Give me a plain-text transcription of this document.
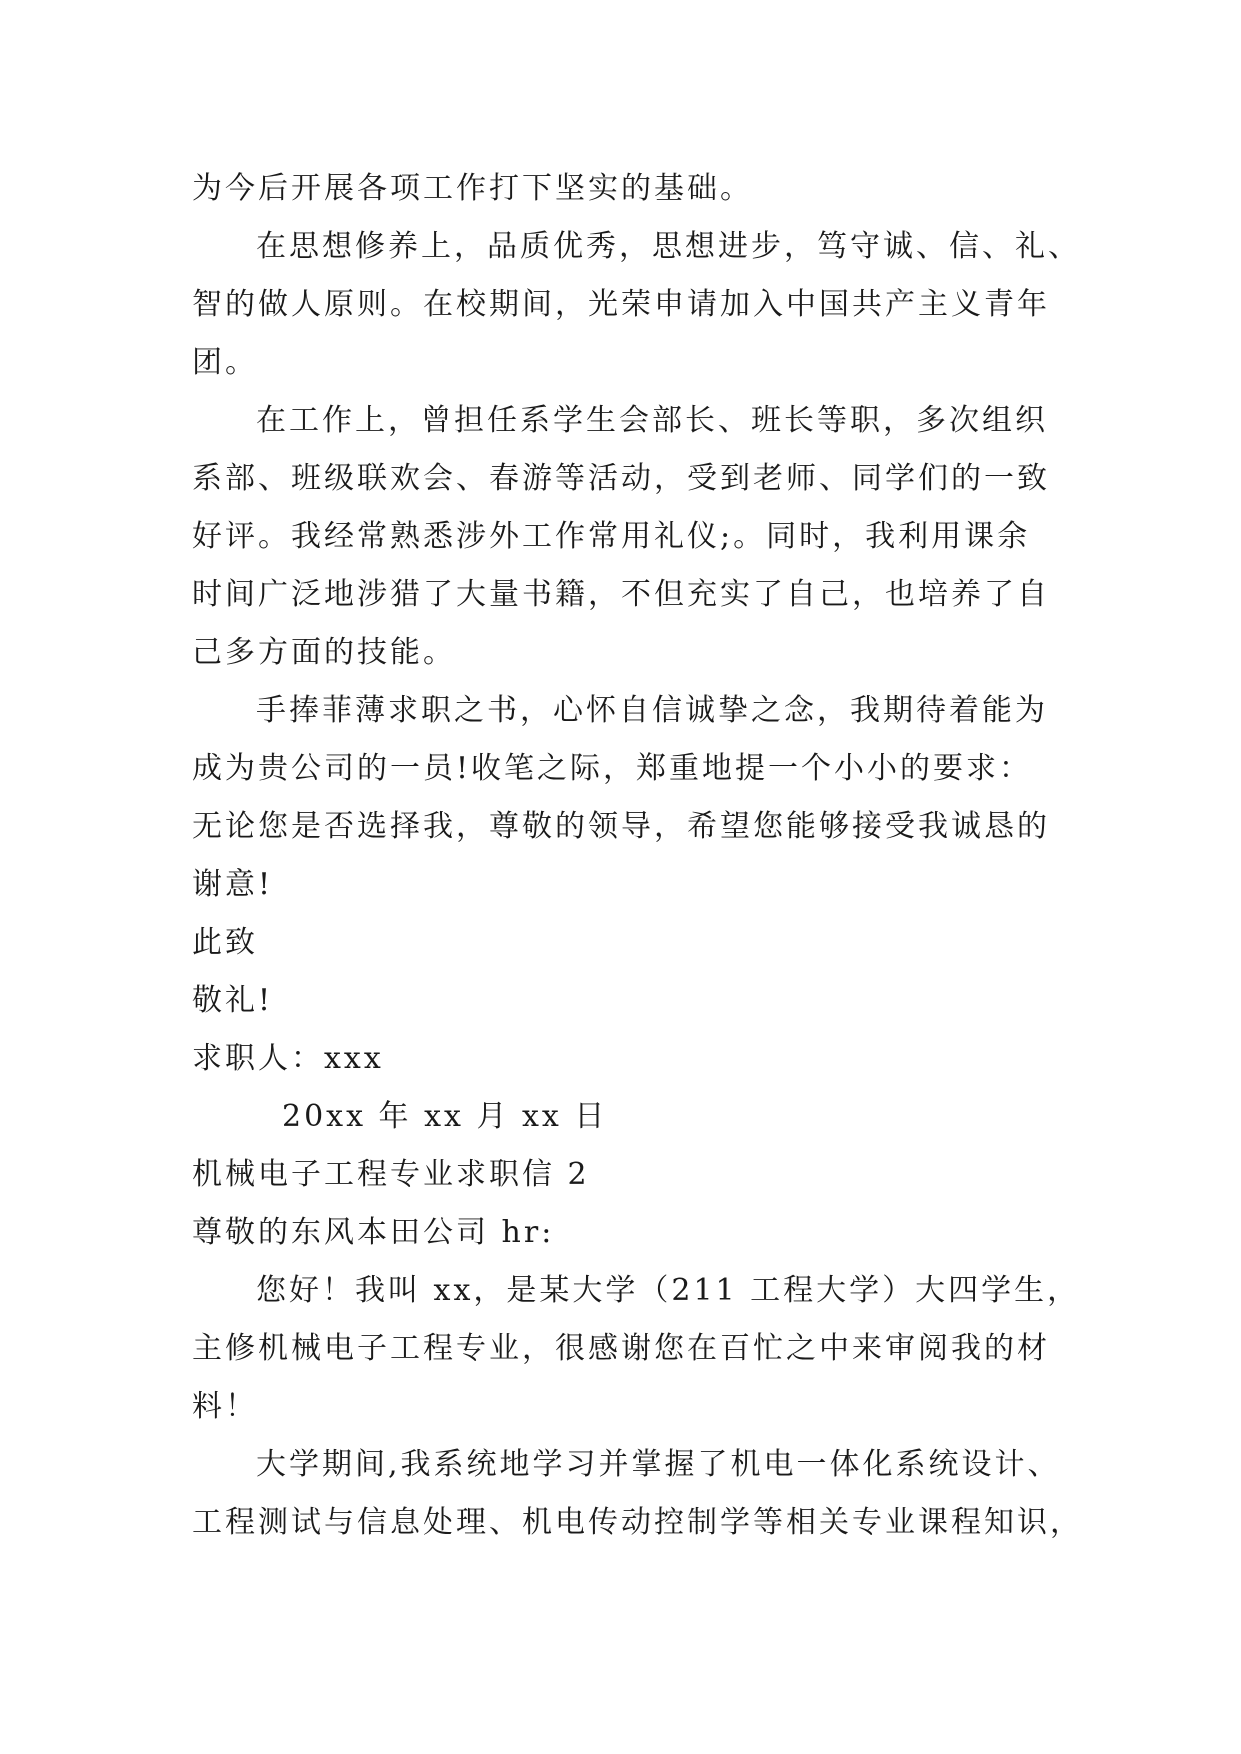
为今后开展各项工作打下坚实的基础。
在思想修养上，品质优秀，思想进步，笃守诚、信、礼、
智的做人原则。在校期间，光荣申请加入中国共产主义青年
团。
在工作上，曾担任系学生会部长、班长等职，多次组织
系部、班级联欢会、春游等活动，受到老师、同学们的一致
好评。我经常熟悉涉外工作常用礼仪;。同时，我利用课余
时间广泛地涉猎了大量书籍，不但充实了自己，也培养了自
己多方面的技能。
手捧菲薄求职之书，心怀自信诚挚之念，我期待着能为
成为贵公司的一员!收笔之际，郑重地提一个小小的要求：
无论您是否选择我，尊敬的领导，希望您能够接受我诚恳的
谢意!
此致
敬礼!
求职人：xxx
20xx 年 xx 月 xx 日
机械电子工程专业求职信 2
尊敬的东风本田公司 hr:
您好！我叫 xx，是某大学（211 工程大学）大四学生，
主修机械电子工程专业，很感谢您在百忙之中来审阅我的材
料！
大学期间,我系统地学习并掌握了机电一体化系统设计、
工程测试与信息处理、机电传动控制学等相关专业课程知识，
